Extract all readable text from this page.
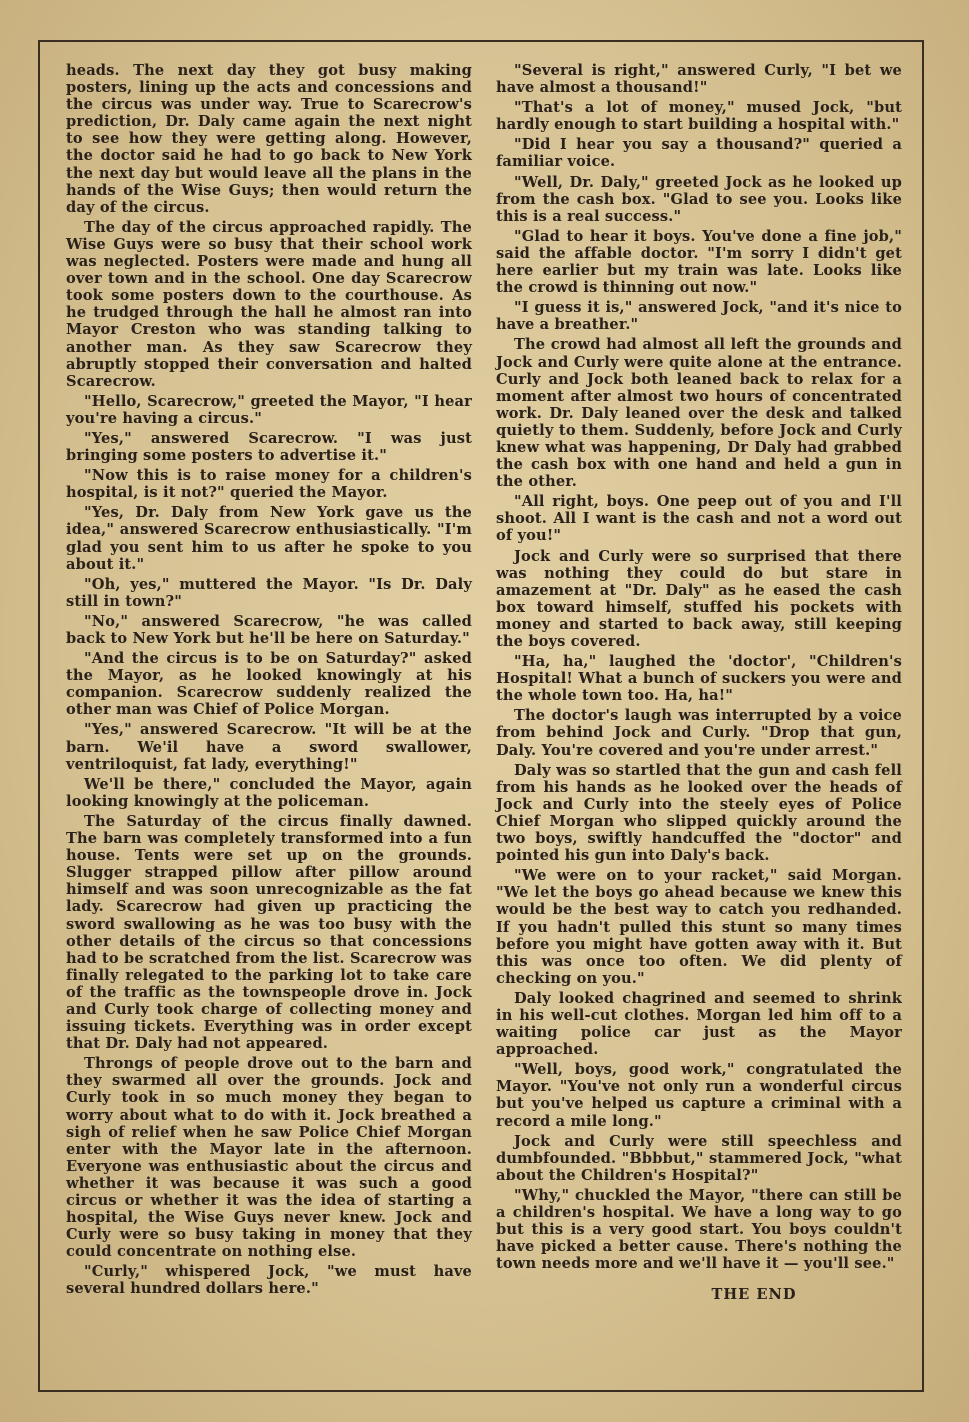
heads. The next day they got busy making posters, lining up the acts and concessions and the circus was under way. True to Scarecrow's prediction, Dr. Daly came again the next night to see how they were getting along. However, the doctor said he had to go back to New York the next day but would leave all the plans in the hands of the Wise Guys; then would return the day of the circus.

The day of the circus approached rapidly. The Wise Guys were so busy that their school work was neglected. Posters were made and hung all over town and in the school. One day Scarecrow took some posters down to the courthouse. As he trudged through the hall he almost ran into Mayor Creston who was standing talking to another man. As they saw Scarecrow they abruptly stopped their conversation and halted Scarecrow.

"Hello, Scarecrow," greeted the Mayor, "I hear you're having a circus."

"Yes," answered Scarecrow. "I was just bringing some posters to advertise it."

"Now this is to raise money for a children's hospital, is it not?" queried the Mayor.

"Yes, Dr. Daly from New York gave us the idea," answered Scarecrow enthusiastically. "I'm glad you sent him to us after he spoke to you about it."

"Oh, yes," muttered the Mayor. "Is Dr. Daly still in town?"

"No," answered Scarecrow, "he was called back to New York but he'll be here on Saturday."

"And the circus is to be on Saturday?" asked the Mayor, as he looked knowingly at his companion. Scarecrow suddenly realized the other man was Chief of Police Morgan.

"Yes," answered Scarecrow. "It will be at the barn. We'il have a sword swallower, ventriloquist, fat lady, everything!"

We'll be there," concluded the Mayor, again looking knowingly at the policeman.

The Saturday of the circus finally dawned. The barn was completely transformed into a fun house. Tents were set up on the grounds. Slugger strapped pillow after pillow around himself and was soon unrecognizable as the fat lady. Scarecrow had given up practicing the sword swallowing as he was too busy with the other details of the circus so that concessions had to be scratched from the list. Scarecrow was finally relegated to the parking lot to take care of the traffic as the townspeople drove in. Jock and Curly took charge of collecting money and issuing tickets. Everything was in order except that Dr. Daly had not appeared.

Throngs of people drove out to the barn and they swarmed all over the grounds. Jock and Curly took in so much money they began to worry about what to do with it. Jock breathed a sigh of relief when he saw Police Chief Morgan enter with the Mayor late in the afternoon. Everyone was enthusiastic about the circus and whether it was because it was such a good circus or whether it was the idea of starting a hospital, the Wise Guys never knew. Jock and Curly were so busy taking in money that they could concentrate on nothing else.

"Curly," whispered Jock, "we must have several hundred dollars here."

"Several is right," answered Curly, "I bet we have almost a thousand!"

"That's a lot of money," mused Jock, "but hardly enough to start building a hospital with."

"Did I hear you say a thousand?" queried a familiar voice.

"Well, Dr. Daly," greeted Jock as he looked up from the cash box. "Glad to see you. Looks like this is a real success."

"Glad to hear it boys. You've done a fine job," said the affable doctor. "I'm sorry I didn't get here earlier but my train was late. Looks like the crowd is thinning out now."

"I guess it is," answered Jock, "and it's nice to have a breather."

The crowd had almost all left the grounds and Jock and Curly were quite alone at the entrance. Curly and Jock both leaned back to relax for a moment after almost two hours of concentrated work. Dr. Daly leaned over the desk and talked quietly to them. Suddenly, before Jock and Curly knew what was happening, Dr Daly had grabbed the cash box with one hand and held a gun in the other.

"All right, boys. One peep out of you and I'll shoot. All I want is the cash and not a word out of you!"

Jock and Curly were so surprised that there was nothing they could do but stare in amazement at "Dr. Daly" as he eased the cash box toward himself, stuffed his pockets with money and started to back away, still keeping the boys covered.

"Ha, ha," laughed the 'doctor', "Children's Hospital! What a bunch of suckers you were and the whole town too. Ha, ha!"

The doctor's laugh was interrupted by a voice from behind Jock and Curly. "Drop that gun, Daly. You're covered and you're under arrest."

Daly was so startled that the gun and cash fell from his hands as he looked over the heads of Jock and Curly into the steely eyes of Police Chief Morgan who slipped quickly around the two boys, swiftly handcuffed the "doctor" and pointed his gun into Daly's back.

"We were on to your racket," said Morgan. "We let the boys go ahead because we knew this would be the best way to catch you redhanded. If you hadn't pulled this stunt so many times before you might have gotten away with it. But this was once too often. We did plenty of checking on you."

Daly looked chagrined and seemed to shrink in his well-cut clothes. Morgan led him off to a waiting police car just as the Mayor approached.

"Well, boys, good work," congratulated the Mayor. "You've not only run a wonderful circus but you've helped us capture a criminal with a record a mile long."

Jock and Curly were still speechless and dumbfounded. "Bbbbut," stammered Jock, "what about the Children's Hospital?"

"Why," chuckled the Mayor, "there can still be a children's hospital. We have a long way to go but this is a very good start. You boys couldn't have picked a better cause. There's nothing the town needs more and we'll have it — you'll see."

THE END
